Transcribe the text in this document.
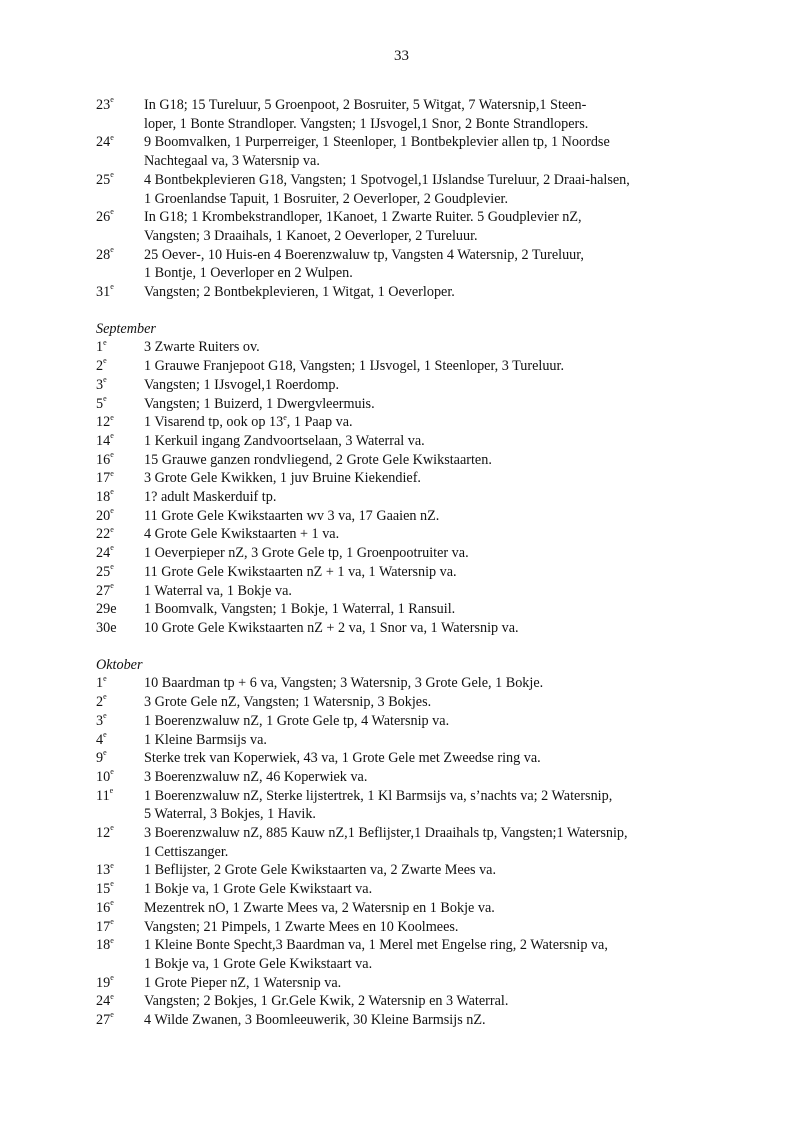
33
23e	In G18; 15 Tureluur, 5 Groenpoot, 2 Bosruiter, 5 Witgat, 7 Watersnip,1 Steen-
loper, 1 Bonte Strandloper. Vangsten; 1 IJsvogel,1 Snor, 2 Bonte Strandlopers.
24e	9 Boomvalken, 1 Purperreiger, 1 Steenloper, 1 Bontbekplevier allen tp, 1 Noordse
Nachtegaal va, 3 Watersnip va.
25e	4 Bontbekplevieren G18, Vangsten; 1 Spotvogel,1 IJslandse Tureluur, 2 Draai-halsen,
1 Groenlandse Tapuit, 1 Bosruiter, 2 Oeverloper, 2 Goudplevier.
26e	In G18; 1 Krombekstrandloper, 1Kanoet, 1 Zwarte Ruiter. 5 Goudplevier nZ,
Vangsten; 3 Draaihals, 1 Kanoet, 2 Oeverloper, 2 Tureluur.
28e	25 Oever-, 10 Huis-en 4 Boerenzwaluw tp, Vangsten 4 Watersnip, 2 Tureluur,
1 Bontje, 1 Oeverloper en 2 Wulpen.
31e	Vangsten; 2 Bontbekplevieren, 1 Witgat, 1 Oeverloper.
September
1e	3 Zwarte Ruiters ov.
2e	1 Grauwe Franjepoot G18, Vangsten; 1 IJsvogel, 1 Steenloper, 3 Tureluur.
3e	Vangsten; 1 IJsvogel,1 Roerdomp.
5e	Vangsten; 1 Buizerd, 1 Dwergvleermuis.
12e	1 Visarend tp, ook op 13e, 1 Paap va.
14e	1 Kerkuil ingang Zandvoortselaan, 3 Waterral va.
16e	15 Grauwe ganzen rondvliegend, 2 Grote Gele Kwikstaarten.
17e	3 Grote Gele Kwikken, 1 juv Bruine Kiekendief.
18e	1? adult Maskerduif tp.
20e	11 Grote Gele Kwikstaarten wv 3 va, 17 Gaaien nZ.
22e	4 Grote Gele Kwikstaarten + 1 va.
24e	1 Oeverpieper nZ, 3 Grote Gele tp, 1 Groenpootruiter va.
25e	11 Grote Gele Kwikstaarten nZ + 1 va, 1 Watersnip va.
27e	1 Waterral va, 1 Bokje va.
29e	1 Boomvalk, Vangsten; 1 Bokje, 1 Waterral, 1 Ransuil.
30e	10 Grote Gele Kwikstaarten nZ + 2 va, 1 Snor va, 1 Watersnip va.
Oktober
1e	10 Baardman tp + 6 va, Vangsten; 3 Watersnip, 3 Grote Gele, 1 Bokje.
2e	3 Grote Gele nZ, Vangsten; 1 Watersnip, 3 Bokjes.
3e	1 Boerenzwaluw nZ, 1 Grote Gele tp, 4 Watersnip va.
4e	1 Kleine Barmsijs va.
9e	Sterke trek van Koperwiek, 43 va, 1 Grote Gele met Zweedse ring va.
10e	3 Boerenzwaluw nZ, 46 Koperwiek va.
11e	1 Boerenzwaluw nZ, Sterke lijstertrek, 1 Kl Barmsijs va, s’nachts va; 2 Watersnip,
5 Waterral, 3 Bokjes, 1 Havik.
12e	3 Boerenzwaluw nZ, 885 Kauw nZ,1 Beflijster,1 Draaihals tp, Vangsten;1 Watersnip,
1 Cettiszanger.
13e	1 Beflijster, 2 Grote Gele Kwikstaarten va, 2 Zwarte Mees va.
15e	1 Bokje va, 1 Grote Gele Kwikstaart va.
16e	Mezentrek nO, 1 Zwarte Mees va, 2 Watersnip en 1 Bokje va.
17e	Vangsten; 21 Pimpels, 1 Zwarte Mees en 10 Koolmees.
18e	1 Kleine Bonte Specht,3 Baardman va, 1 Merel met Engelse ring, 2 Watersnip va,
1 Bokje va, 1 Grote Gele Kwikstaart va.
19e	1 Grote Pieper nZ, 1 Watersnip va.
24e	Vangsten; 2 Bokjes, 1 Gr.Gele Kwik, 2 Watersnip en 3 Waterral.
27e	4 Wilde Zwanen, 3 Boomleeuwerik, 30 Kleine Barmsijs nZ.
